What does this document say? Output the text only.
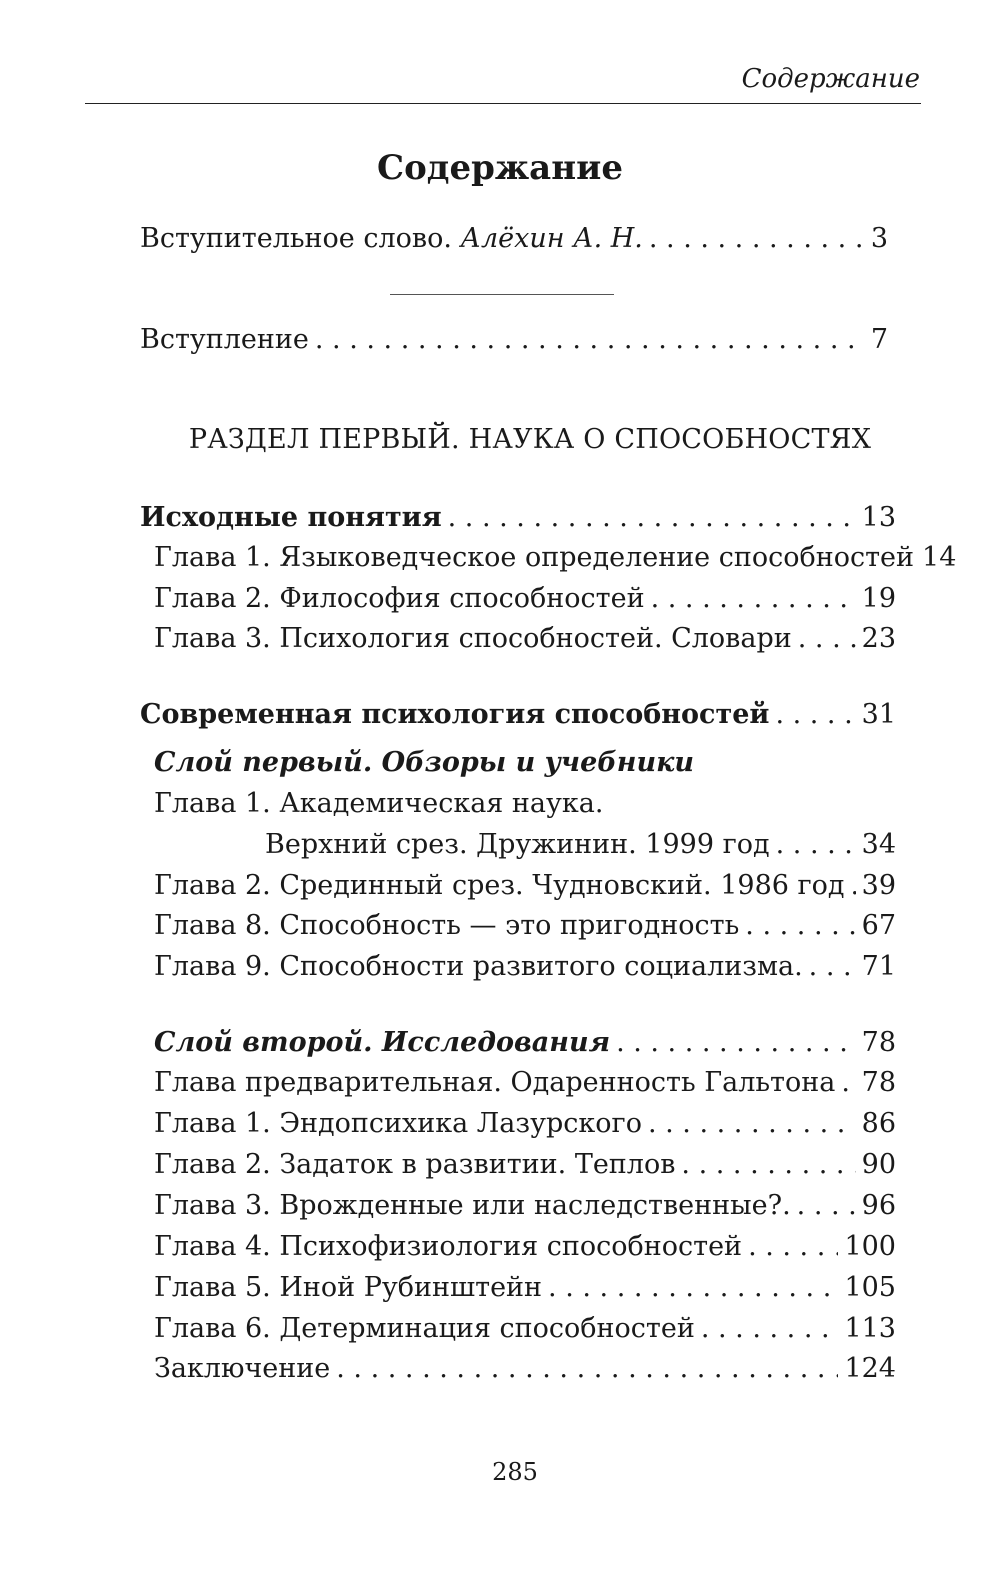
Содержание
Содержание
Вступительное слово. Алёхин А. Н. . . .	3
Вступление . . .	7
РАЗДЕЛ ПЕРВЫЙ. НАУКА О СПОСОБНОСТЯХ
Исходные понятия . . .	13
Глава 1. Языковедческое определение способностей 14
Глава 2. Философия способностей . . .	19
Глава 3. Психология способностей. Словари . . .	23
Современная психология способностей . . .	31
Слой первый. Обзоры и учебники
Глава 1. Академическая наука.
Верхний срез. Дружинин. 1999 год . . .	34
Глава 2. Срединный срез. Чудновский. 1986 год . . . 39
Глава 8. Способность — это пригодность . . .	67
Глава 9. Способности развитого социализма. . . . 71
Слой второй. Исследования . . .	78
Глава предварительная. Одаренность Гальтона . . . 78
Глава 1. Эндопсихика Лазурского . . .	86
Глава 2. Задаток в развитии. Теплов . . .	90
Глава 3. Врожденные или наследственные?. . . .	96
Глава 4. Психофизиология способностей . . .	100
Глава 5. Иной Рубинштейн . . .	105
Глава 6. Детерминация способностей . . .	113
Заключение . . .	124
285
